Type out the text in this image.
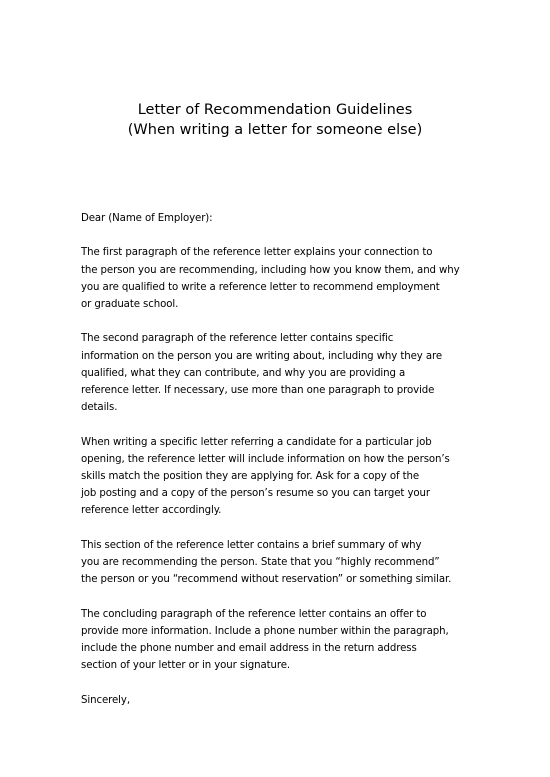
Letter of Recommendation Guidelines
(When writing a letter for someone else)

Dear (Name of Employer):

The first paragraph of the reference letter explains your connection to
the person you are recommending, including how you know them, and why
you are qualified to write a reference letter to recommend employment
or graduate school.

The second paragraph of the reference letter contains specific
information on the person you are writing about, including why they are
qualified, what they can contribute, and why you are providing a
reference letter. If necessary, use more than one paragraph to provide
details.

When writing a specific letter referring a candidate for a particular job
opening, the reference letter will include information on how the person’s
skills match the position they are applying for. Ask for a copy of the
job posting and a copy of the person’s resume so you can target your
reference letter accordingly.

This section of the reference letter contains a brief summary of why
you are recommending the person. State that you “highly recommend”
the person or you “recommend without reservation” or something similar.

The concluding paragraph of the reference letter contains an offer to
provide more information. Include a phone number within the paragraph,
include the phone number and email address in the return address
section of your letter or in your signature.

Sincerely,
